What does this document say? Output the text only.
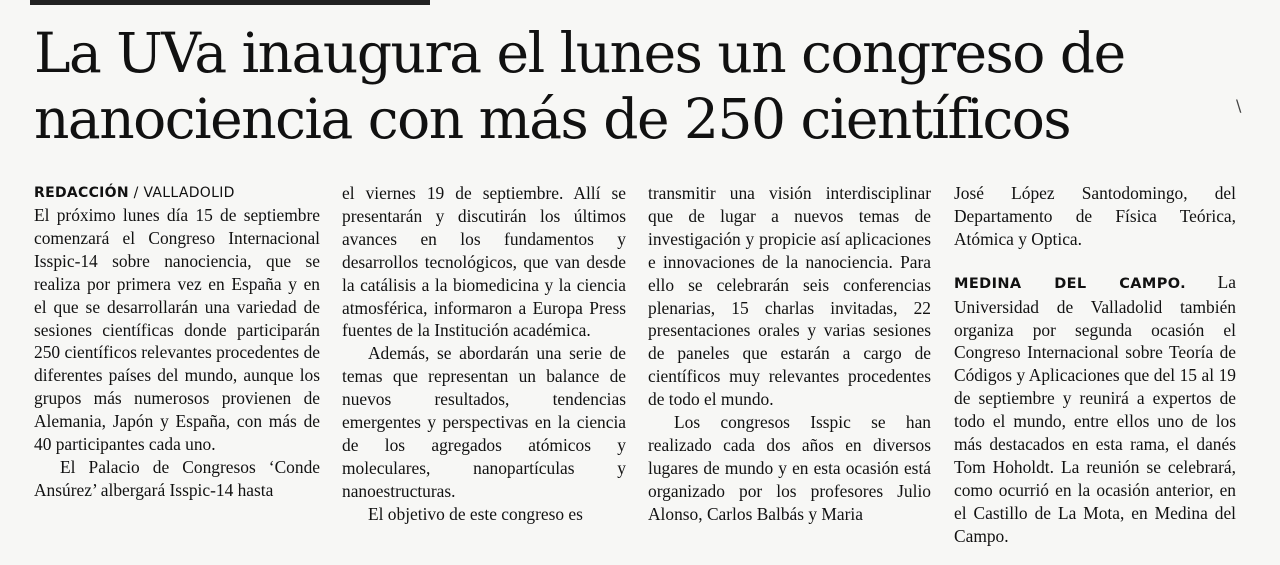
La UVa inaugura el lunes un congreso de
nanociencia con más de 250 científicos
REDACCIÓN / VALLADOLID

El próximo lunes día 15 de septiembre comenzará el Congreso Internacional Isspic-14 sobre nanociencia, que se realiza por primera vez en España y en el que se desarrollarán una variedad de sesiones científicas donde participarán 250 científicos relevantes procedentes de diferentes países del mundo, aunque los grupos más numerosos provienen de Alemania, Japón y España, con más de 40 participantes cada uno.

El Palacio de Congresos ‘Conde Ansúrez’ albergará Isspic-14 hasta

el viernes 19 de septiembre. Allí se presentarán y discutirán los últimos avances en los fundamentos y desarrollos tecnológicos, que van desde la catálisis a la biomedicina y la ciencia atmosférica, informaron a Europa Press fuentes de la Institución académica.

Además, se abordarán una serie de temas que representan un balance de nuevos resultados, tendencias emergentes y perspectivas en la ciencia de los agregados atómicos y moleculares, nanopartículas y nanoestructuras.

El objetivo de este congreso es

transmitir una visión interdisciplinar que de lugar a nuevos temas de investigación y propicie así aplicaciones e innovaciones de la nanociencia. Para ello se celebrarán seis conferencias plenarias, 15 charlas invitadas, 22 presentaciones orales y varias sesiones de paneles que estarán a cargo de científicos muy relevantes procedentes de todo el mundo.

Los congresos Isspic se han realizado cada dos años en diversos lugares de mundo y en esta ocasión está organizado por los profesores Julio Alonso, Carlos Balbás y Maria

José López Santodomingo, del Departamento de Física Teórica, Atómica y Optica.

MEDINA DEL CAMPO. La Universidad de Valladolid también organiza por segunda ocasión el Congreso Internacional sobre Teoría de Códigos y Aplicaciones que del 15 al 19 de septiembre y reunirá a expertos de todo el mundo, entre ellos uno de los más destacados en esta rama, el danés Tom Hoholdt. La reunión se celebrará, como ocurrió en la ocasión anterior, en el Castillo de La Mota, en Medina del Campo.

\
